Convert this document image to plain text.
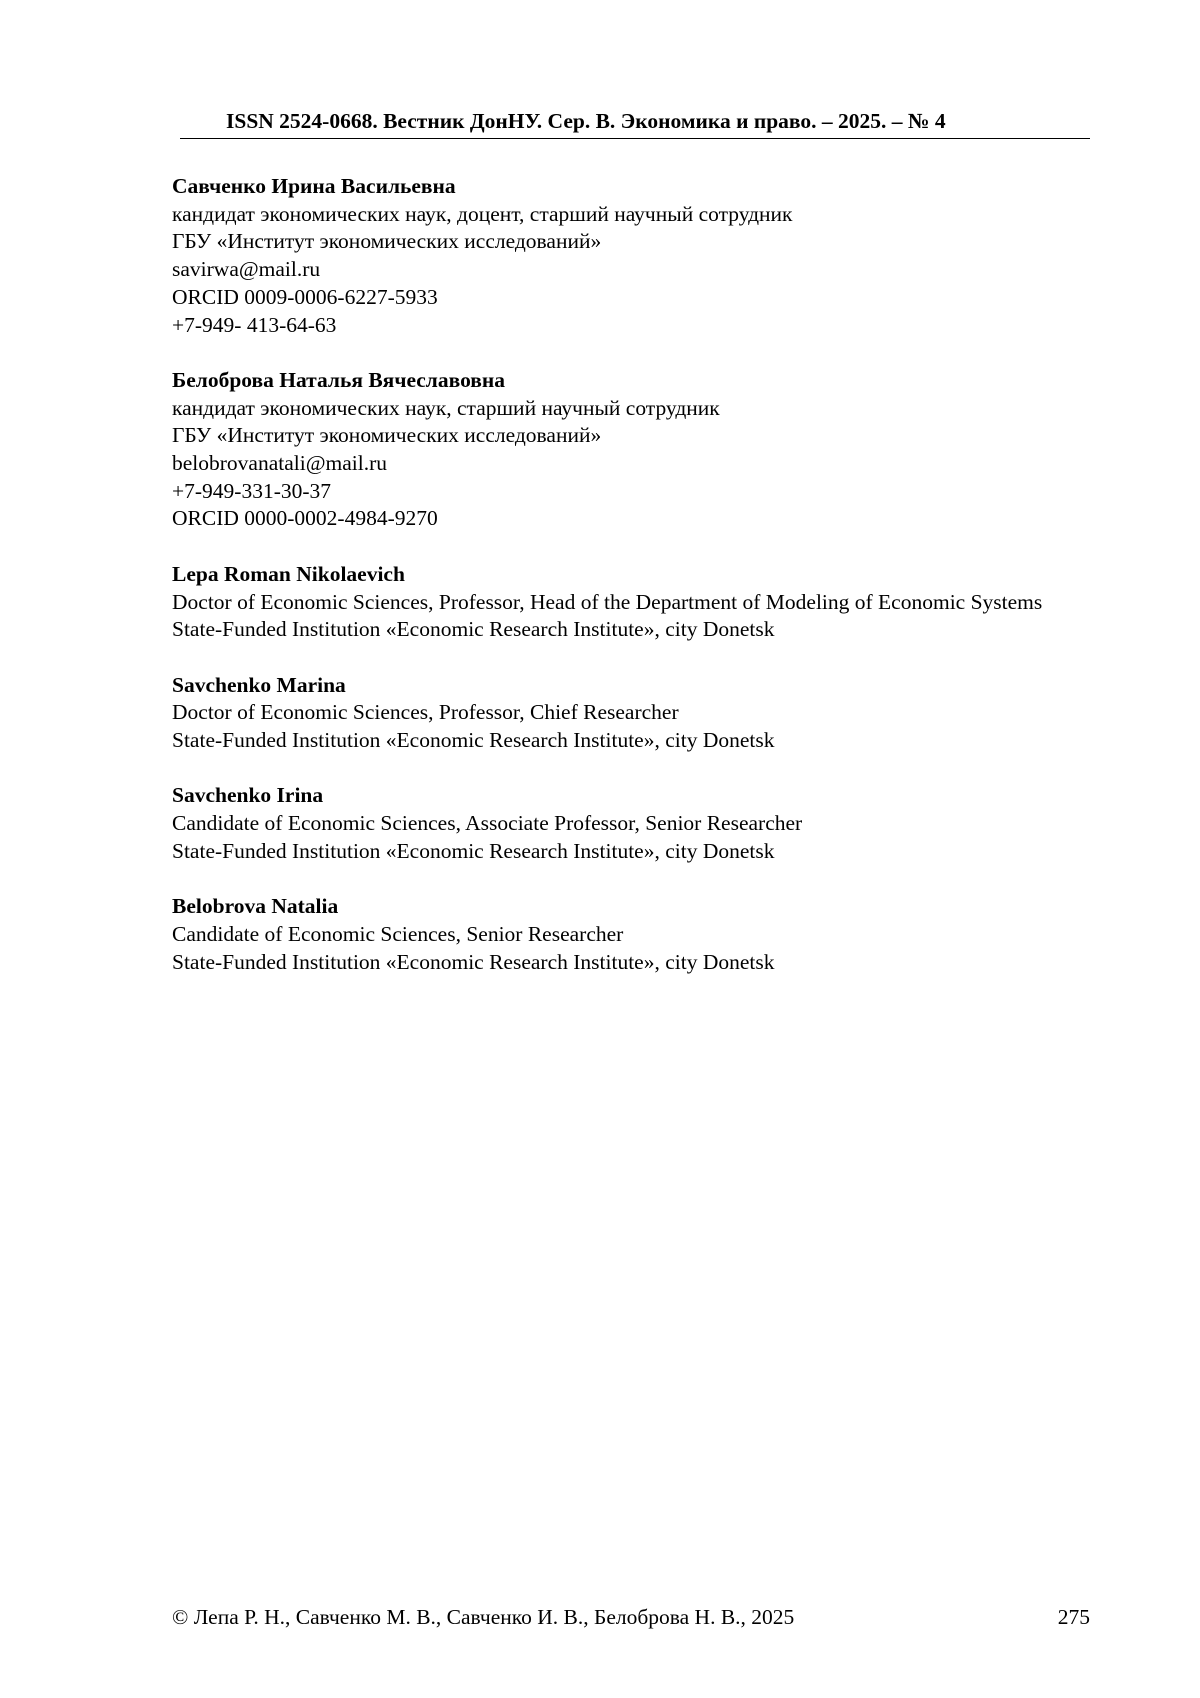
ISSN 2524-0668. Вестник ДонНУ. Сер. В. Экономика и право. – 2025. – № 4
Савченко Ирина Васильевна
кандидат экономических наук, доцент, старший научный сотрудник
ГБУ «Институт экономических исследований»
savirwa@mail.ru
ORCID 0009-0006-6227-5933
+7-949- 413-64-63
Белоброва Наталья Вячеславовна
кандидат экономических наук, старший научный сотрудник
ГБУ «Институт экономических исследований»
belobrovanatali@mail.ru
+7-949-331-30-37
ORCID 0000-0002-4984-9270
Lepa Roman Nikolaevich
Doctor of Economic Sciences, Professor, Head of the Department of Modeling of Economic Systems
State-Funded Institution «Economic Research Institute», city Donetsk
Savchenko Marina
Doctor of Economic Sciences, Professor, Chief Researcher
State-Funded Institution «Economic Research Institute», city Donetsk
Savchenko Irina
Candidate of Economic Sciences, Associate Professor, Senior Researcher
State-Funded Institution «Economic Research Institute», city Donetsk
Belobrova Natalia
Candidate of Economic Sciences, Senior Researcher
State-Funded Institution «Economic Research Institute», city Donetsk
© Лепа Р. Н., Савченко М. В., Савченко И. В., Белоброва Н. В., 2025	275
